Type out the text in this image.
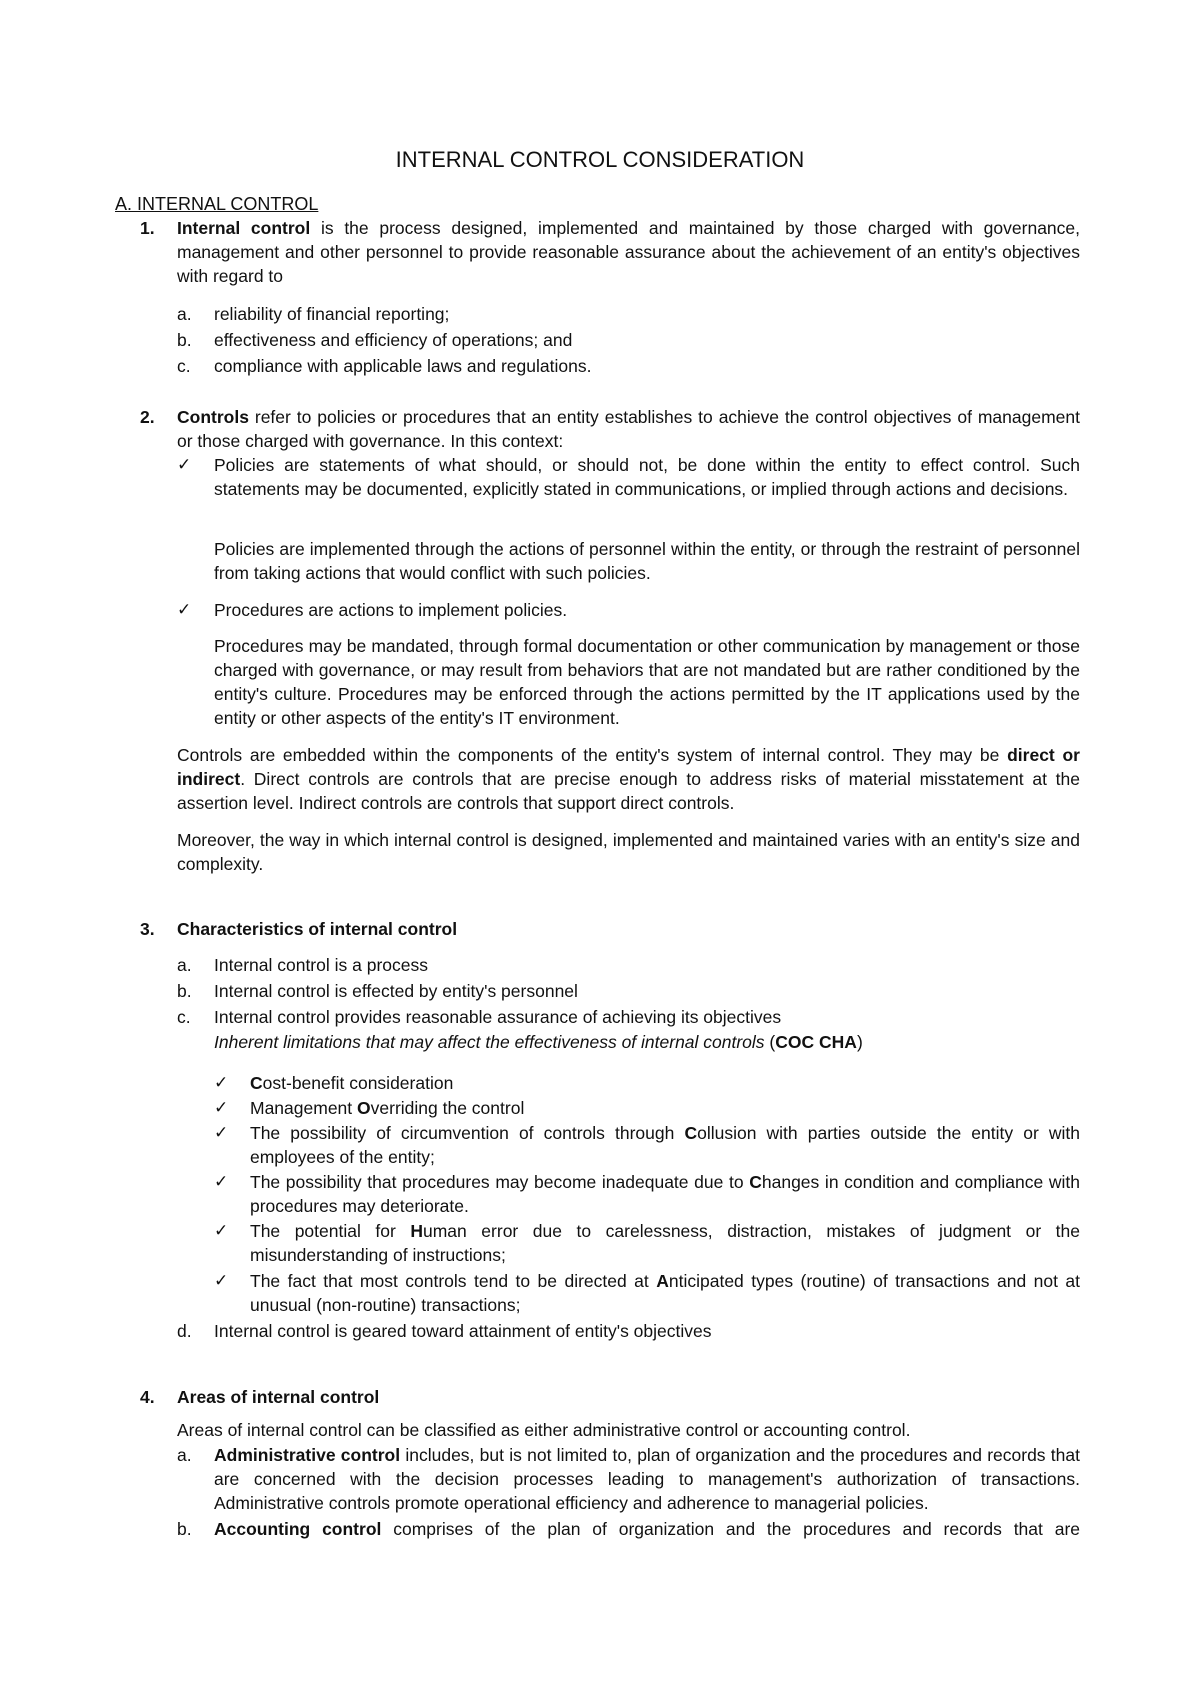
INTERNAL CONTROL CONSIDERATION
A. INTERNAL CONTROL
1. Internal control is the process designed, implemented and maintained by those charged with governance, management and other personnel to provide reasonable assurance about the achievement of an entity's objectives with regard to

a. reliability of financial reporting;
b. effectiveness and efficiency of operations; and
c. compliance with applicable laws and regulations.
2. Controls refer to policies or procedures that an entity establishes to achieve the control objectives of management or those charged with governance. In this context:

✓ Policies are statements of what should, or should not, be done within the entity to effect control. Such statements may be documented, explicitly stated in communications, or implied through actions and decisions.

Policies are implemented through the actions of personnel within the entity, or through the restraint of personnel from taking actions that would conflict with such policies.

✓ Procedures are actions to implement policies.

Procedures may be mandated, through formal documentation or other communication by management or those charged with governance, or may result from behaviors that are not mandated but are rather conditioned by the entity's culture. Procedures may be enforced through the actions permitted by the IT applications used by the entity or other aspects of the entity's IT environment.

Controls are embedded within the components of the entity's system of internal control. They may be direct or indirect. Direct controls are controls that are precise enough to address risks of material misstatement at the assertion level. Indirect controls are controls that support direct controls.

Moreover, the way in which internal control is designed, implemented and maintained varies with an entity's size and complexity.

3. Characteristics of internal control
a. Internal control is a process
b. Internal control is effected by entity's personnel
c. Internal control provides reasonable assurance of achieving its objectives
Inherent limitations that may affect the effectiveness of internal controls (COC CHA)
✓ Cost-benefit consideration

✓ Management Overriding the control

✓ The possibility of circumvention of controls through Collusion with parties outside the entity or with employees of the entity;

✓ The possibility that procedures may become inadequate due to Changes in condition and compliance with procedures may deteriorate.

✓ The potential for Human error due to carelessness, distraction, mistakes of judgment or the misunderstanding of instructions;

✓ The fact that most controls tend to be directed at Anticipated types (routine) of transactions and not at unusual (non-routine) transactions;

d. Internal control is geared toward attainment of entity's objectives
4. Areas of internal control
Areas of internal control can be classified as either administrative control or accounting control.
a. Administrative control includes, but is not limited to, plan of organization and the procedures and records that are concerned with the decision processes leading to management's authorization of transactions. Administrative controls promote operational efficiency and adherence to managerial policies.

b. Accounting control comprises of the plan of organization and the procedures and records that are
